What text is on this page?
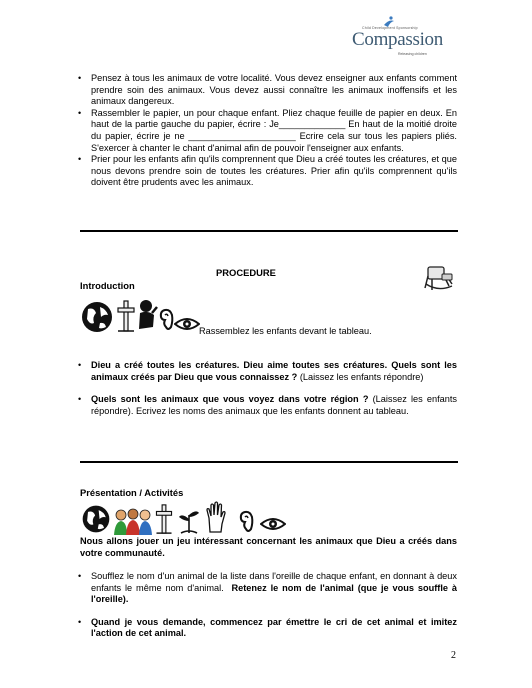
Child Development Sponsorship
Compassion
Releasing children
• Pensez à tous les animaux de votre localité. Vous devez enseigner aux enfants comment prendre soin des animaux. Vous devez aussi connaître les animaux inoffensifs et les animaux dangereux.
• Rassembler le papier, un pour chaque enfant. Pliez chaque feuille de papier en deux. En haut de la partie gauche du papier, écrire : Je_____________ En haut de la moitié droite du papier, écrire je ne _____________________ Ecrire cela sur tous les papiers pliés. S'exercer à chanter le chant d'animal afin de pouvoir l'enseigner aux enfants.
• Prier pour les enfants afin qu'ils comprennent que Dieu a créé toutes les créatures, et que nous devons prendre soin de toutes les créatures. Prier afin qu'ils comprennent qu'ils doivent être prudents avec les animaux.
PROCEDURE
Introduction
Rassemblez les enfants devant le tableau.
• Dieu a créé toutes les créatures. Dieu aime toutes ses créatures. Quels sont les animaux créés par Dieu que vous connaissez ? (Laissez les enfants répondre)
• Quels sont les animaux que vous voyez dans votre région ? (Laissez les enfants répondre). Ecrivez les noms des animaux que les enfants donnent au tableau.
Présentation / Activités
Nous allons jouer un jeu intéressant concernant les animaux que Dieu a créés dans votre communauté.
• Soufflez le nom d'un animal de la liste dans l'oreille de chaque enfant, en donnant à deux enfants le même nom d'animal. Retenez le nom de l'animal (que je vous souffle à l'oreille).
• Quand je vous demande, commencez par émettre le cri de cet animal et imitez l'action de cet animal.
2
